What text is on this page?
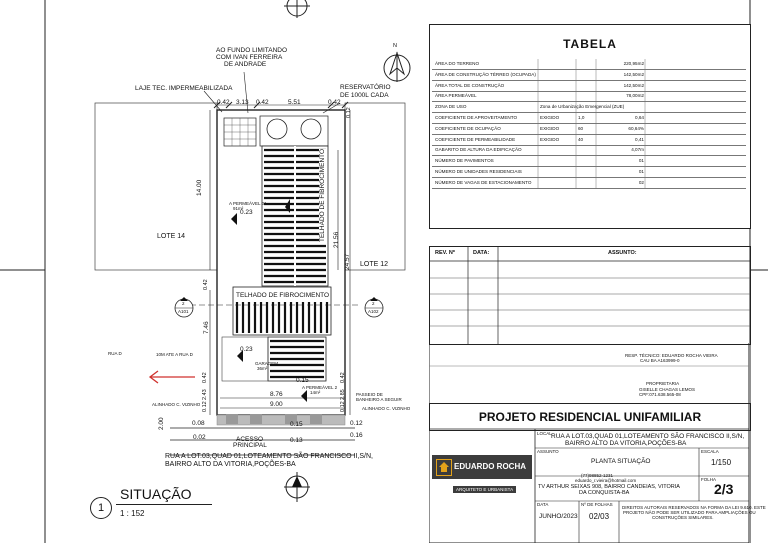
N
2
A101
2
A102
AO FUNDO LIMITANDO
COM IVAN FERREIRA
DE ANDRADE
LAJE TEC. IMPERMEABILIZADA	RESERVATÓRIO
DE 1000L CADA
0.42 3.13 0.42	5.51	0.42
14.00
21.56
24.57
7.46
0.42
0.12
2.43
0.42
0.12
0.42
2.85
0.12
LOTE 14
LOTE 12
TELHADO DE FIBROCIMENTO
TELHADO DE FIBROCIMENTO
A PERMEÁVEL 01
91m²
0.23
0.23
GARAGEM
36m²
RUA D	10M ATE A RUA D
0.15
A PERMEÁVEL 2
14m²
8.76
9.00
PASSEIO DE
BANHEIRO A SEGUIR
ALINHADO C. VIZINHO
ALINHADO C. VIZINHO
2.00	0.08
0.02
0.15
0.16
0.13
0.12
ACESSO
PRINCIPAL
RUA A LOT.03,QUAD 01,LOTEAMENTO SÃO FRANCISCO II,S/N,
BAIRRO ALTO DA VITORIA,POÇÕES-BA
1
SITUAÇÃO
1 : 152
TABELA
ÁREA DO TERRENO	220,95m2
ÁREA DE CONSTRUÇÃO TÉRREO (OCUPADA)	142,50m2
ÁREA TOTAL DE CONSTRUÇÃO	142,50m2
ÁREA PERMEÁVEL	78,00m2
ZONA DE USO	Zona de Urbanização Emergencial (ZUE)
COEFICIENTE DE APROVEITAMENTO	EXIGIDO	1,0	0,64
COEFICIENTE DE OCUPAÇÃO	EXIGIDO	60	60,64%
COEFICIENTE DE PERMEABILIDADE	EXIGIDO	40	0,41
GABARITO DE ALTURA DA EDIFICAÇÃO	4,07m
NÚMERO DE PAVIMENTOS	01
NÚMERO DE UNIDADES RESIDENCIAIS	01
NÚMERO DE VAGAS DE ESTACIONAMENTO	02
REV. Nº	DATA:	ASSUNTO:
RESP. TÉCNICO: EDUARDO ROCHA VIEIRA
CAU BA A163999-0
PROPRIETARIA
GISELLE CHAGAS LEMOS
CPF:071.638.565-08
LOCAL RUA A LOT.03,QUAD 01,LOTEAMENTO SÃO FRANCISCO II,S/N,
BAIRRO ALTO DA VITORIA,POÇÕES-BA
EDUARDO ROCHA
ARQUITETO E URBANISTA
(77)98852-1231
eduardo_r.vieira@hotmail.com
TV ARTHUR SEIXAS 908, BAIRRO CANDEIAS, VITORIA
DA CONQUISTA-BA
ASSUNTO
PLANTA SITUAÇÃO
ESCALA
1/150
FOLHA
2/3
DATA
JUNHO/2023
Nº DE FOLHAS
02/03
DIREITOS AUTORAIS RESERVADOS NA FORMA DA LEI 9.610. ESTE
PROJETO NÃO PODE SER UTILIZADO PARA AMPLIAÇÕES OU
CONSTRUÇÕES SIMILARES.
PROJETO RESIDENCIAL UNIFAMILIAR
